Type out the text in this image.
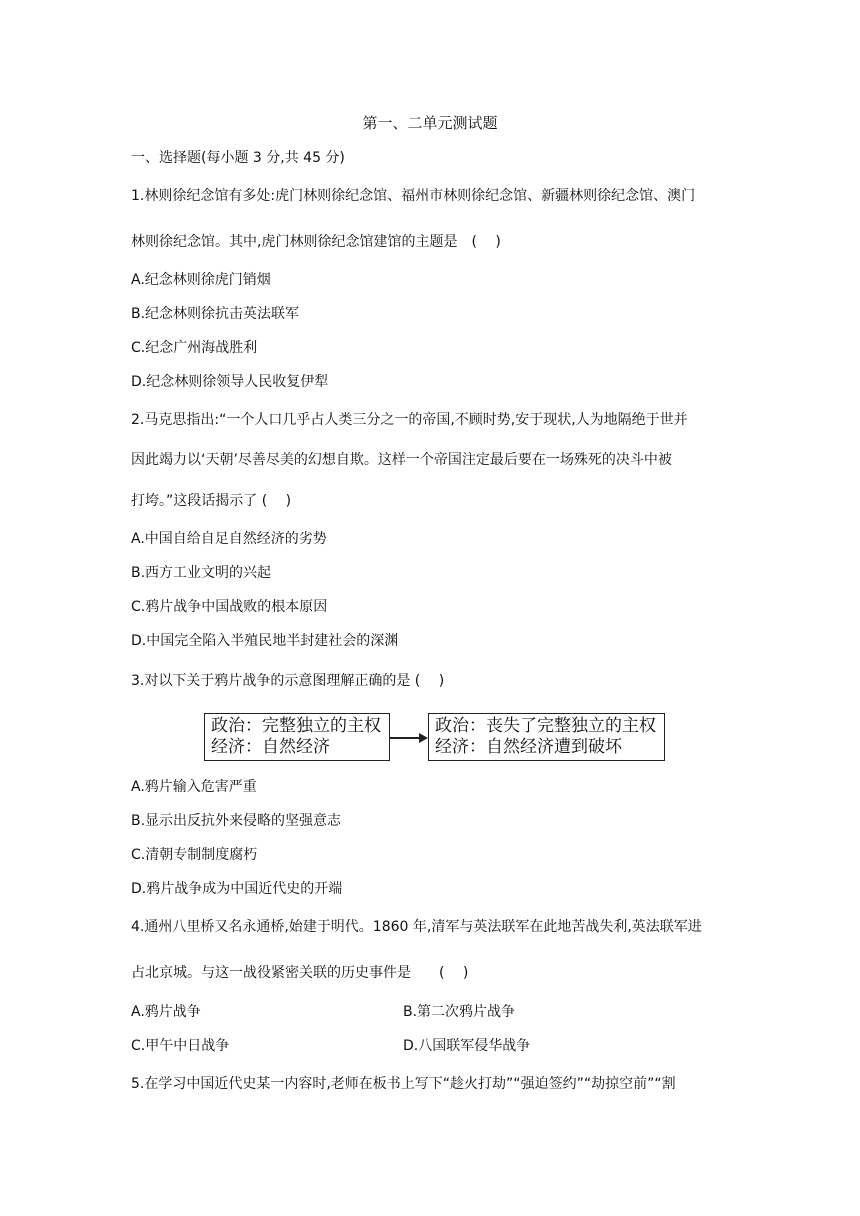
第一、二单元测试题
一、选择题(每小题 3 分,共 45 分)
1.林则徐纪念馆有多处:虎门林则徐纪念馆、福州市林则徐纪念馆、新疆林则徐纪念馆、澳门
林则徐纪念馆。其中,虎门林则徐纪念馆建馆的主题是　(　 )
A.纪念林则徐虎门销烟
B.纪念林则徐抗击英法联军
C.纪念广州海战胜利
D.纪念林则徐领导人民收复伊犁
2.马克思指出:“一个人口几乎占人类三分之一的帝国,不顾时势,安于现状,人为地隔绝于世并
因此竭力以‘天朝’尽善尽美的幻想自欺。这样一个帝国注定最后要在一场殊死的决斗中被
打垮。”这段话揭示了 (　 )
A.中国自给自足自然经济的劣势
B.西方工业文明的兴起
C.鸦片战争中国战败的根本原因
D.中国完全陷入半殖民地半封建社会的深渊
3.对以下关于鸦片战争的示意图理解正确的是 (　 )
政治：完整独立的主权
经济：自然经济
政治：丧失了完整独立的主权
经济：自然经济遭到破坏
A.鸦片输入危害严重
B.显示出反抗外来侵略的坚强意志
C.清朝专制制度腐朽
D.鸦片战争成为中国近代史的开端
4.通州八里桥又名永通桥,始建于明代。1860 年,清军与英法联军在此地苦战失利,英法联军进
占北京城。与这一战役紧密关联的历史事件是　　(　 )
A.鸦片战争	B.第二次鸦片战争
C.甲午中日战争	D.八国联军侵华战争
5.在学习中国近代史某一内容时,老师在板书上写下“趁火打劫”“强迫签约”“劫掠空前”“割
